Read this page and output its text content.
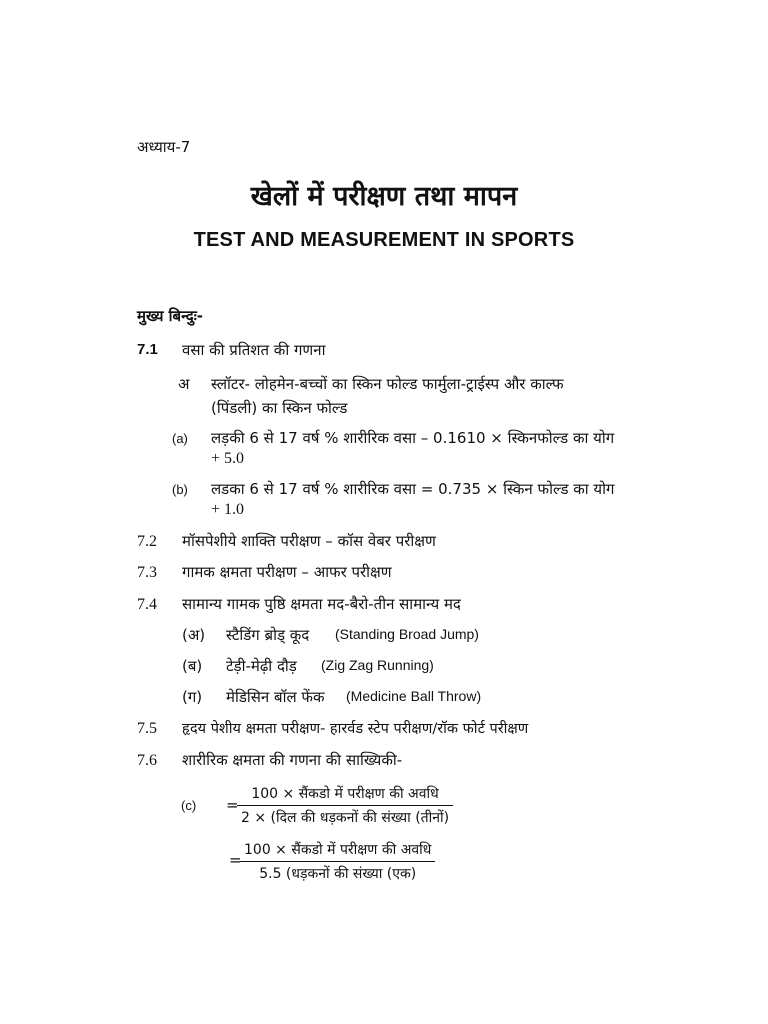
अध्याय-7
खेलों में परीक्षण तथा मापन
TEST AND MEASUREMENT IN SPORTS
मुख्य बिन्दुः-
7.1 वसा की प्रतिशत की गणना
अ स्लॉटर- लोहमेन-बच्चों का स्किन फोल्ड फार्मुला-ट्राईस्प और काल्फ
(पिंडली) का स्किन फोल्ड
(a) लड़की 6 से 17 वर्ष % शारीरिक वसा – 0.1610 × स्किनफोल्ड का योग
+ 5.0
(b) लडका 6 से 17 वर्ष % शारीरिक वसा = 0.735 × स्किन फोल्ड का योग
+ 1.0
7.2 मॉसपेशीये शाक्ति परीक्षण – कॉस वेबर परीक्षण
7.3 गामक क्षमता परीक्षण – आफर परीक्षण
7.4 सामान्य गामक पुष्ठि क्षमता मद-बैरो-तीन सामान्य मद
(अ) स्टैडिंग ब्रोड् कूद (Standing Broad Jump)
(ब) टेड़ी-मेढ़ी दौड़ (Zig Zag Running)
(ग) मेडिसिन बॉल फेंक (Medicine Ball Throw)
7.5 हृदय पेशीय क्षमता परीक्षण- हारर्वड स्टेप परीक्षण/रॉक फोर्ट परीक्षण
7.6 शारीरिक क्षमता की गणना की साख्यिकी-
(c) =
100 × सैंकडो में परीक्षण की अवधि
2 × (दिल की धड़कनों की संख्या (तीनों)
=
100 × सैंकडो में परीक्षण की अवधि
5.5 (धड़कनों की संख्या (एक)
